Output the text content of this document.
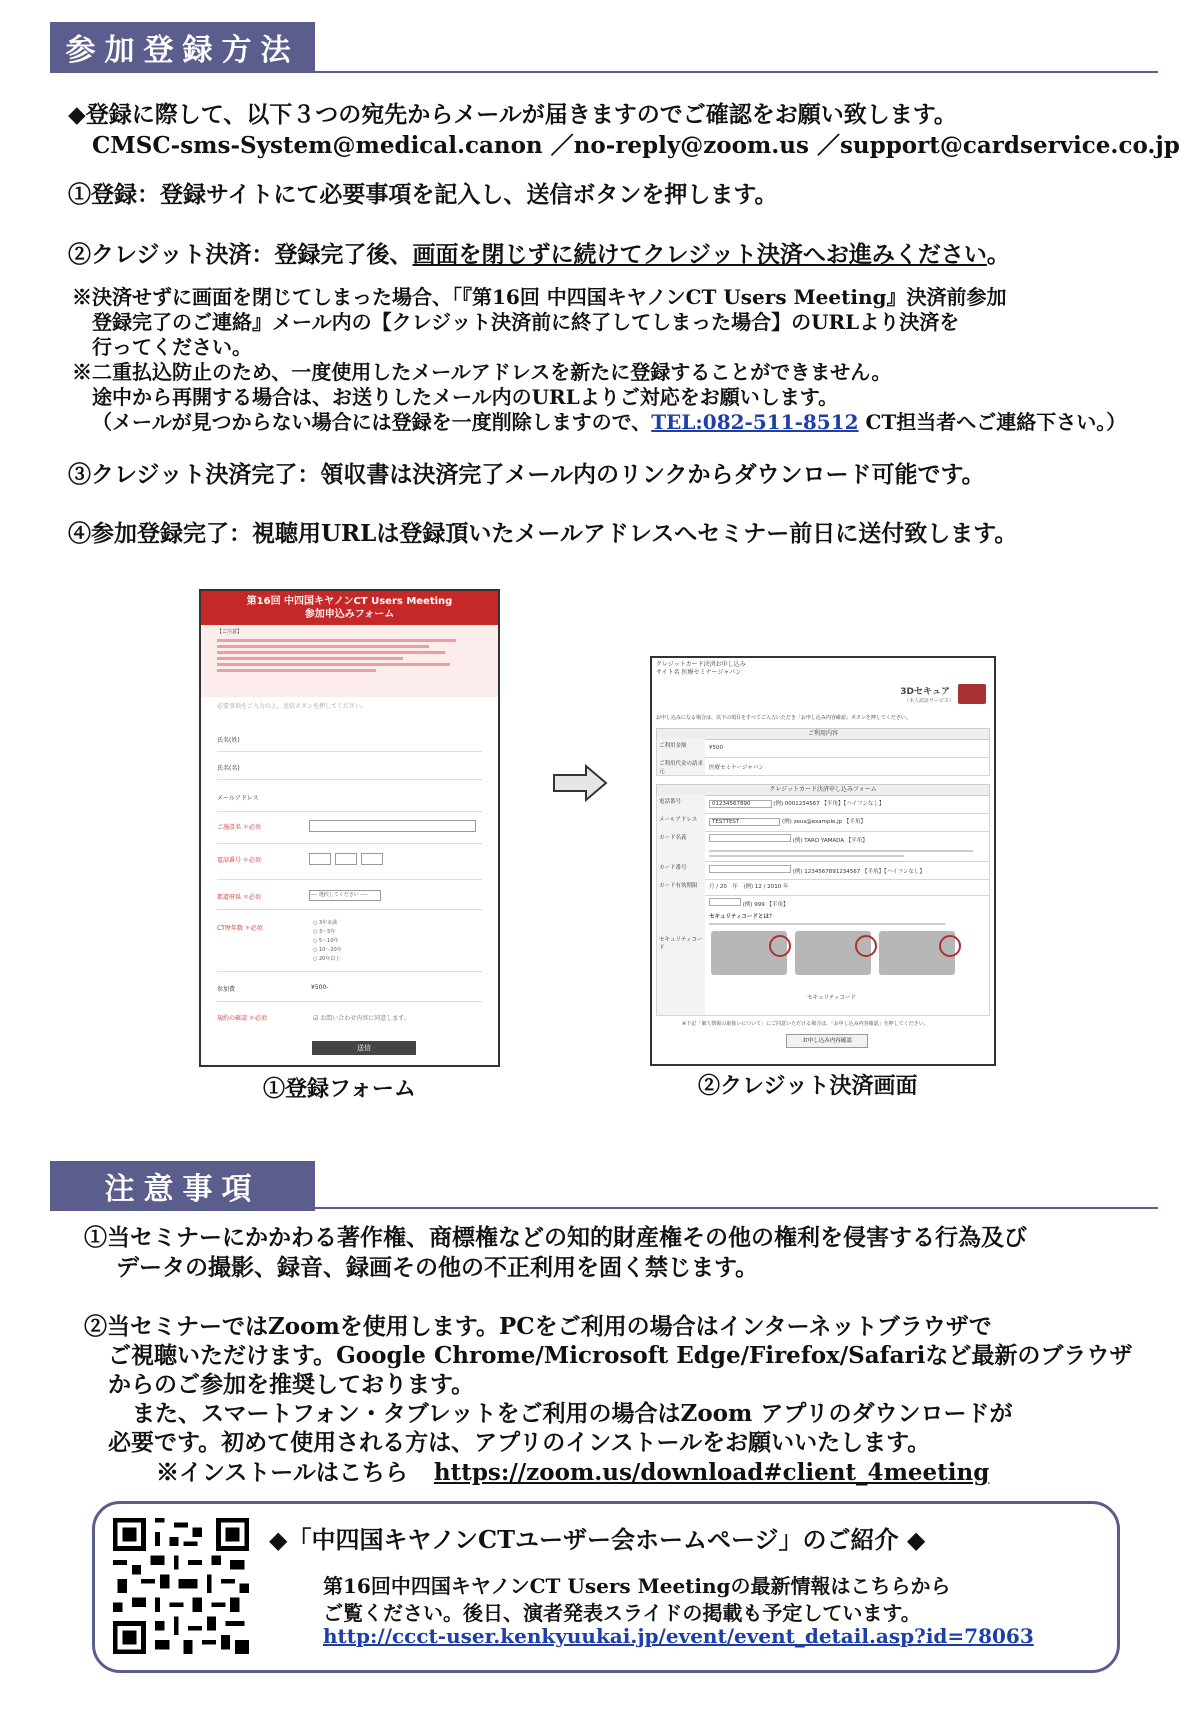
参加登録方法
◆登録に際して、以下３つの宛先からメールが届きますのでご確認をお願い致します。
CMSC-sms-System@medical.canon ／no-reply@zoom.us ／support@cardservice.co.jp
①登録：登録サイトにて必要事項を記入し、送信ボタンを押します。
②クレジット決済：登録完了後、画面を閉じずに続けてクレジット決済へお進みください。
※決済せずに画面を閉じてしまった場合、「『第16回 中四国キヤノンCT Users Meeting』決済前参加
登録完了のご連絡』メール内の【クレジット決済前に終了してしまった場合】のURLより決済を
行ってください。
※二重払込防止のため、一度使用したメールアドレスを新たに登録することができません。
途中から再開する場合は、お送りしたメール内のURLよりご対応をお願いします。
（メールが見つからない場合には登録を一度削除しますので、TEL:082-511-8512 CT担当者へご連絡下さい。）
③クレジット決済完了：領収書は決済完了メール内のリンクからダウンロード可能です。
④参加登録完了：視聴用URLは登録頂いたメールアドレスへセミナー前日に送付致します。
第16回 中四国キヤノンCT Users Meeting
参加申込みフォーム
【ご注意】
必要事項をご入力の上、送信ボタンを押してください。
氏名(姓)
氏名(名)
メールアドレス
ご施設名 ＊必須
電話番号 ＊必須
都道府県 ＊必須	---- 選択してください ----
CT歴年数 ＊必須
○ 3年未満
○ 3～5年
○ 5～10年
○ 10～20年
○ 20年以上
参加費	¥500-
規約の確認 ＊必須	☑ お問い合わせ内容に同意します。
送信
①登録フォーム
クレジットカード決済お申し込み
サイト名 医療セミナージャパン
3Dセキュア
（本人認証サービス）
お申し込みになる場合は、以下の項目をすべてご入力いただき「お申し込み内容確認」ボタンを押してください。
ご利用内容
ご利用金額	¥500
ご利用代金の請求元
医療セミナージャパン
クレジットカード決済申し込みフォーム
電話番号	01234567890	(例) 0001234567 【半角】【ハイフンなし】
メールアドレス	TESTTEST	(例) zeus@example.jp 【半角】
カード名義	(例) TARO YAMADA 【半角】
カード番号
(例) 1234567891234567 【半角】【ハイフンなし】
カード有効期限	月 / 20　年　(例) 12 / 2010 年
セキュリティコード
(例) 999 【半角】
セキュリティコードとは？
セキュリティコード
※下記「個人情報の取扱いについて」にご同意いただける場合は、「お申し込み内容確認」を押してください。
お申し込み内容確認
②クレジット決済画面
注意事項
①当セミナーにかかわる著作権、商標権などの知的財産権その他の権利を侵害する行為及び
データの撮影、録音、録画その他の不正利用を固く禁じます。
②当セミナーではZoomを使用します。PCをご利用の場合はインターネットブラウザで
ご視聴いただけます。Google Chrome/Microsoft Edge/Firefox/Safariなど最新のブラウザ
からのご参加を推奨しております。
また、スマートフォン・タブレットをご利用の場合はZoom アプリのダウンロードが
必要です。初めて使用される方は、アプリのインストールをお願いいたします。
※インストールはこちら https://zoom.us/download#client_4meeting
◆「中四国キヤノンCTユーザー会ホームページ」のご紹介 ◆
第16回中四国キヤノンCT Users Meetingの最新情報はこちらから
ご覧ください。後日、演者発表スライドの掲載も予定しています。
http://ccct-user.kenkyuukai.jp/event/event_detail.asp?id=78063
